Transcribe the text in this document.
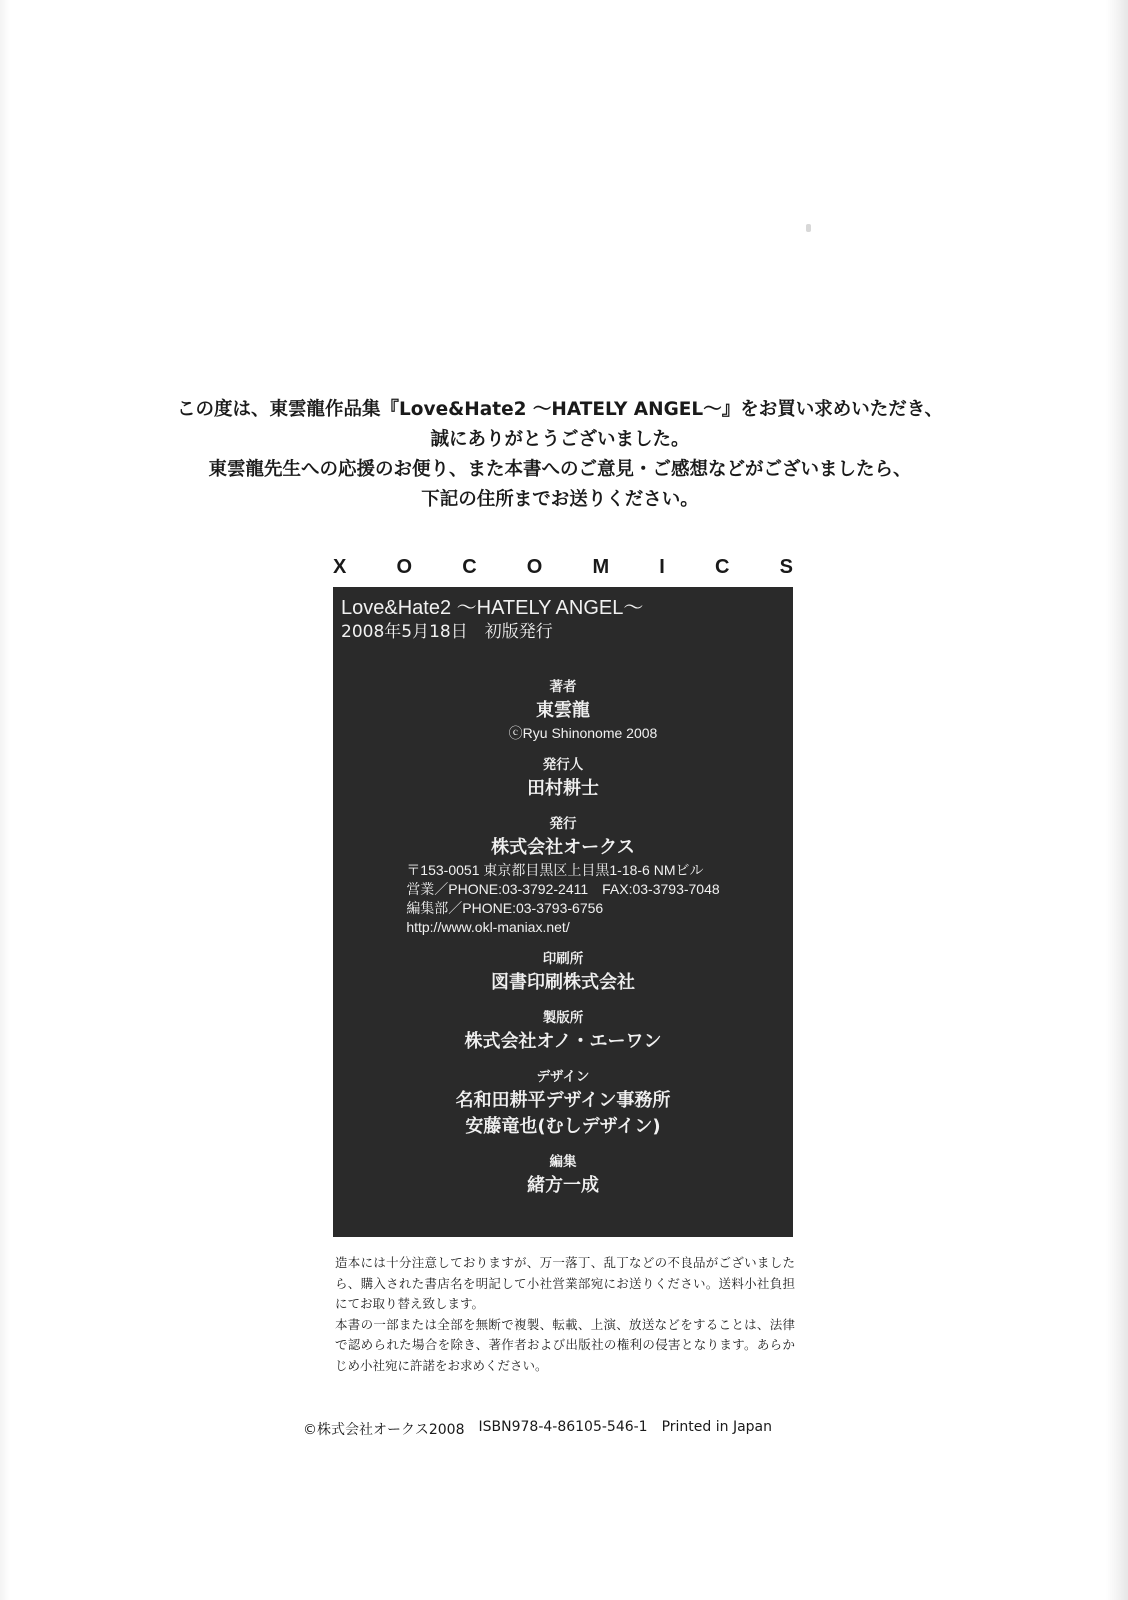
この度は、東雲龍作品集『Love&Hate2 〜HATELY ANGEL〜』をお買い求めいただき、
誠にありがとうございました。
東雲龍先生への応援のお便り、また本書へのご意見・ご感想などがございましたら、
下記の住所までお送りください。
X	O	C	O	M	I	C	S
Love&Hate2 〜HATELY ANGEL〜
2008年5月18日　初版発行
著者
東雲龍
ⓒRyu Shinonome 2008
発行人
田村耕士
発行
株式会社オークス
〒153-0051 東京都目黒区上目黒1-18-6 NMビル
営業／PHONE:03-3792-2411　FAX:03-3793-7048
編集部／PHONE:03-3793-6756
http://www.okl-maniax.net/
印刷所
図書印刷株式会社
製版所
株式会社オノ・エーワン
デザイン
名和田耕平デザイン事務所
安藤竜也(むしデザイン)
編集
緒方一成

造本には十分注意しておりますが、万一落丁、乱丁などの不良品がございましたら、購入された書店名を明記して小社営業部宛にお送りください。送料小社負担にてお取り替え致します。

本書の一部または全部を無断で複製、転載、上演、放送などをすることは、法律で認められた場合を除き、著作者および出版社の権利の侵害となります。あらかじめ小社宛に許諾をお求めください。

©株式会社オークス2008 ISBN978-4-86105-546-1 Printed in Japan
